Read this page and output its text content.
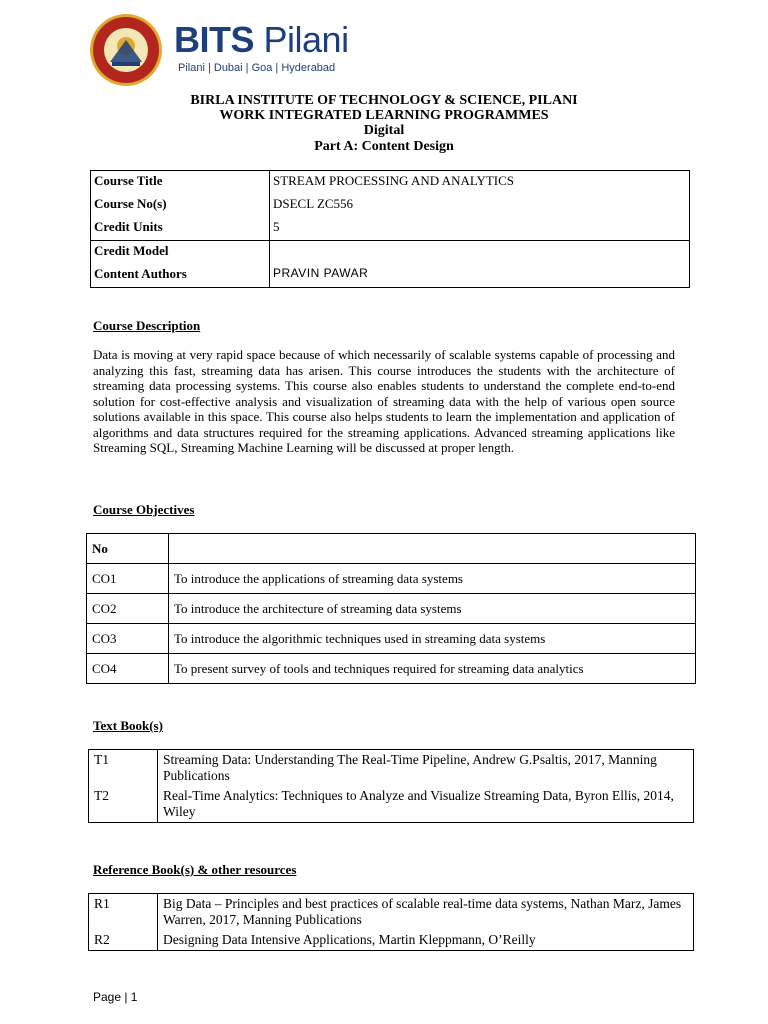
BITS Pilani
Pilani | Dubai | Goa | Hyderabad
BIRLA INSTITUTE OF TECHNOLOGY & SCIENCE, PILANI
WORK INTEGRATED LEARNING PROGRAMMES
Digital
Part A: Content Design
Course Title	STREAM PROCESSING AND ANALYTICS
Course No(s)	DSECL ZC556
Credit Units	5
Credit Model	
Content Authors	PRAVIN PAWAR
Course Description

Data is moving at very rapid space because of which necessarily of scalable systems capable of processing and analyzing this fast, streaming data has arisen. This course introduces the students with the architecture of streaming data processing systems. This course also enables students to understand the complete end-to-end solution for cost-effective analysis and visualization of streaming data with the help of various open source solutions available in this space. This course also helps students to learn the implementation and application of algorithms and data structures required for the streaming applications. Advanced streaming applications like Streaming SQL, Streaming Machine Learning will be discussed at proper length.

Course Objectives
No	
CO1	To introduce the applications of streaming data systems
CO2	To introduce the architecture of streaming data systems
CO3	To introduce the algorithmic techniques used in streaming data systems
CO4	To present survey of tools and techniques required for streaming data analytics
Text Book(s)
T1	Streaming Data: Understanding The Real-Time Pipeline, Andrew G.Psaltis, 2017, Manning Publications
T2	Real-Time Analytics: Techniques to Analyze and Visualize Streaming Data, Byron Ellis, 2014, Wiley
Reference Book(s) & other resources
R1	Big Data – Principles and best practices of scalable real-time data systems, Nathan Marz, James Warren, 2017, Manning Publications
R2	Designing Data Intensive Applications, Martin Kleppmann, O’Reilly
Page | 1
